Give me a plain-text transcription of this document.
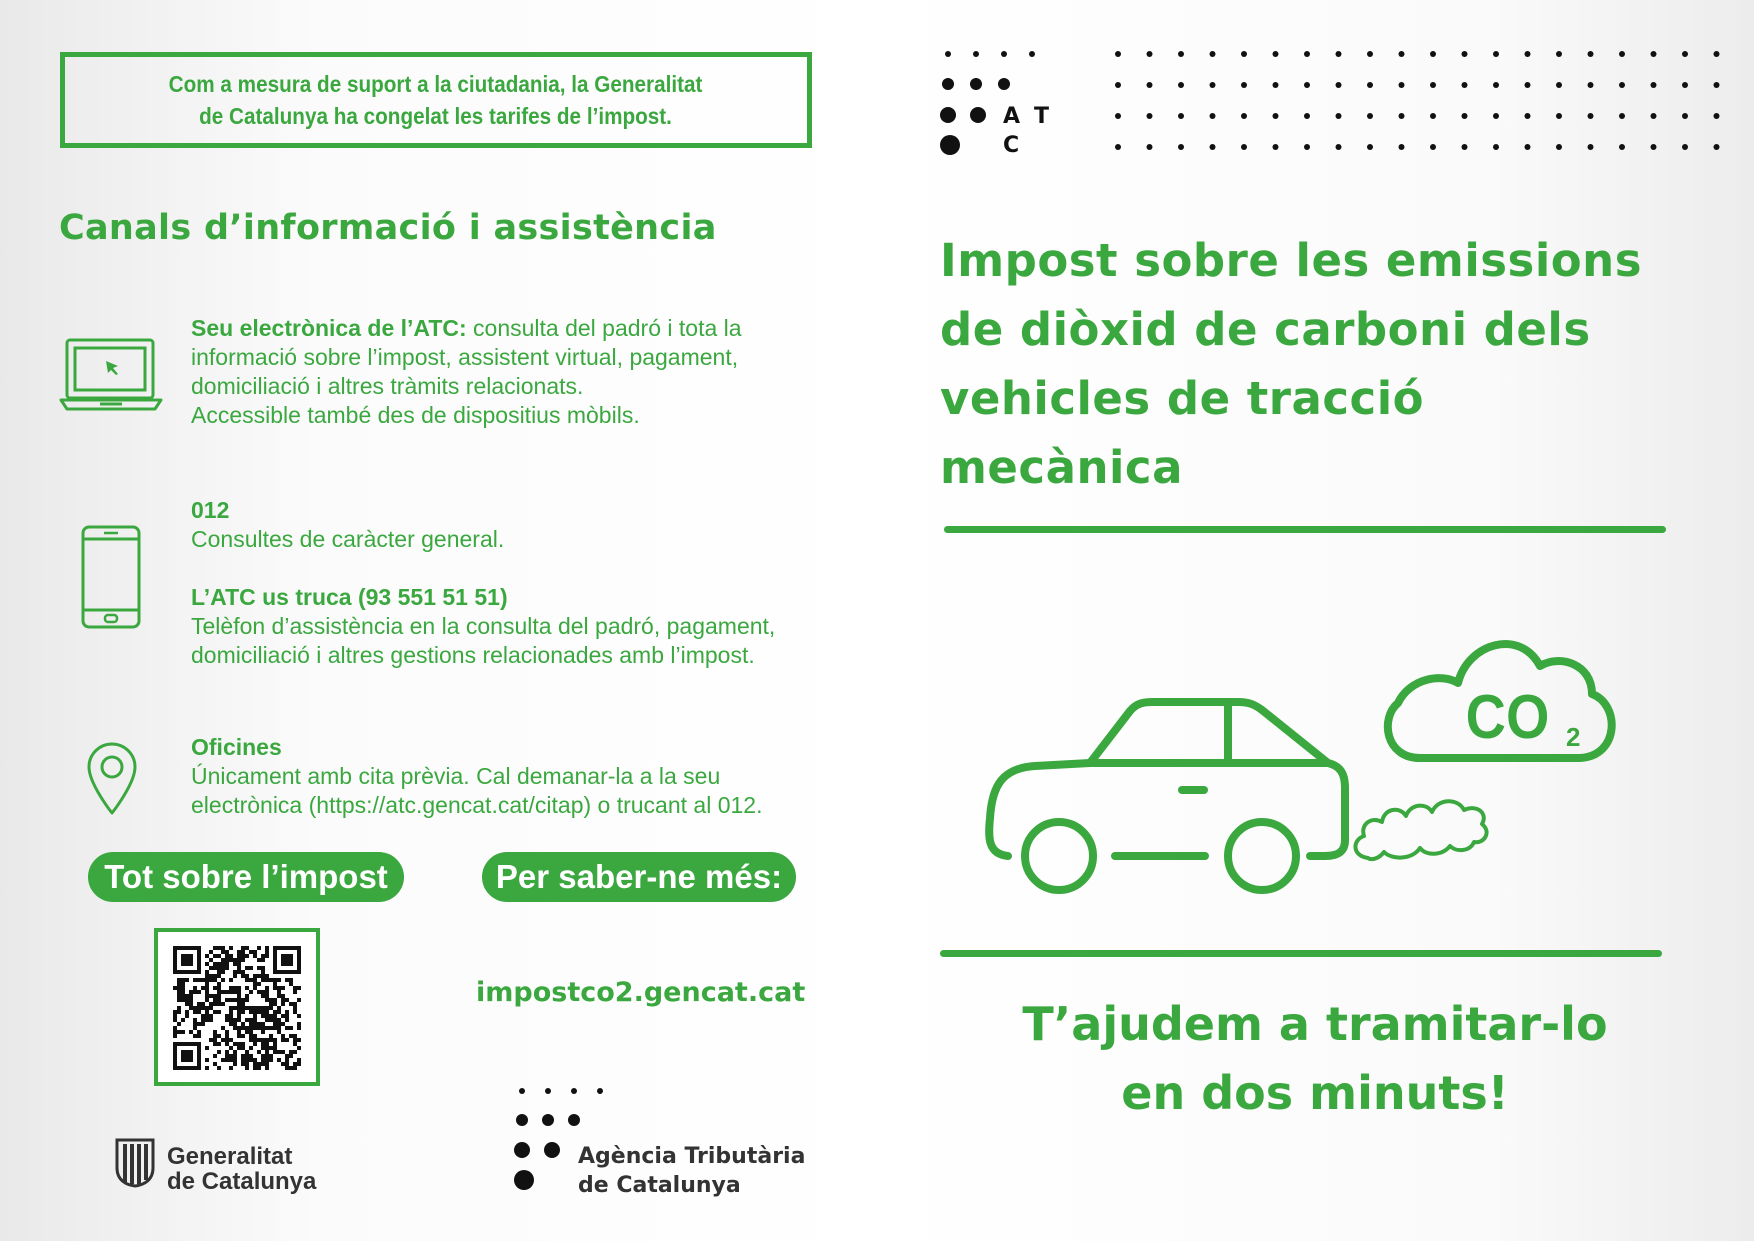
Com a mesura de suport a la ciutadania, la Generalitat
de Catalunya ha congelat les tarifes de l’impost.
Canals d’informació i assistència
Seu electrònica de l’ATC: consulta del padró i tota la
informació sobre l’impost, assistent virtual, pagament,
domiciliació i altres tràmits relacionats.
Accessible també des de dispositius mòbils.
012
Consultes de caràcter general.
L’ATC us truca (93 551 51 51)
Telèfon d’assistència en la consulta del padró, pagament,
domiciliació i altres gestions relacionades amb l’impost.
Oficines
Únicament amb cita prèvia. Cal demanar-la a la seu
electrònica (https://atc.gencat.cat/citap) o trucant al 012.
Tot sobre l’impost	Per saber-ne més:
impostco2.gencat.cat
Generalitat
de Catalunya
Agència Tributària
de Catalunya
A T
C
Impost sobre les emissions
de diòxid de carboni dels
vehicles de tracció
mecànica
CO 2
T’ajudem a tramitar-lo
en dos minuts!
